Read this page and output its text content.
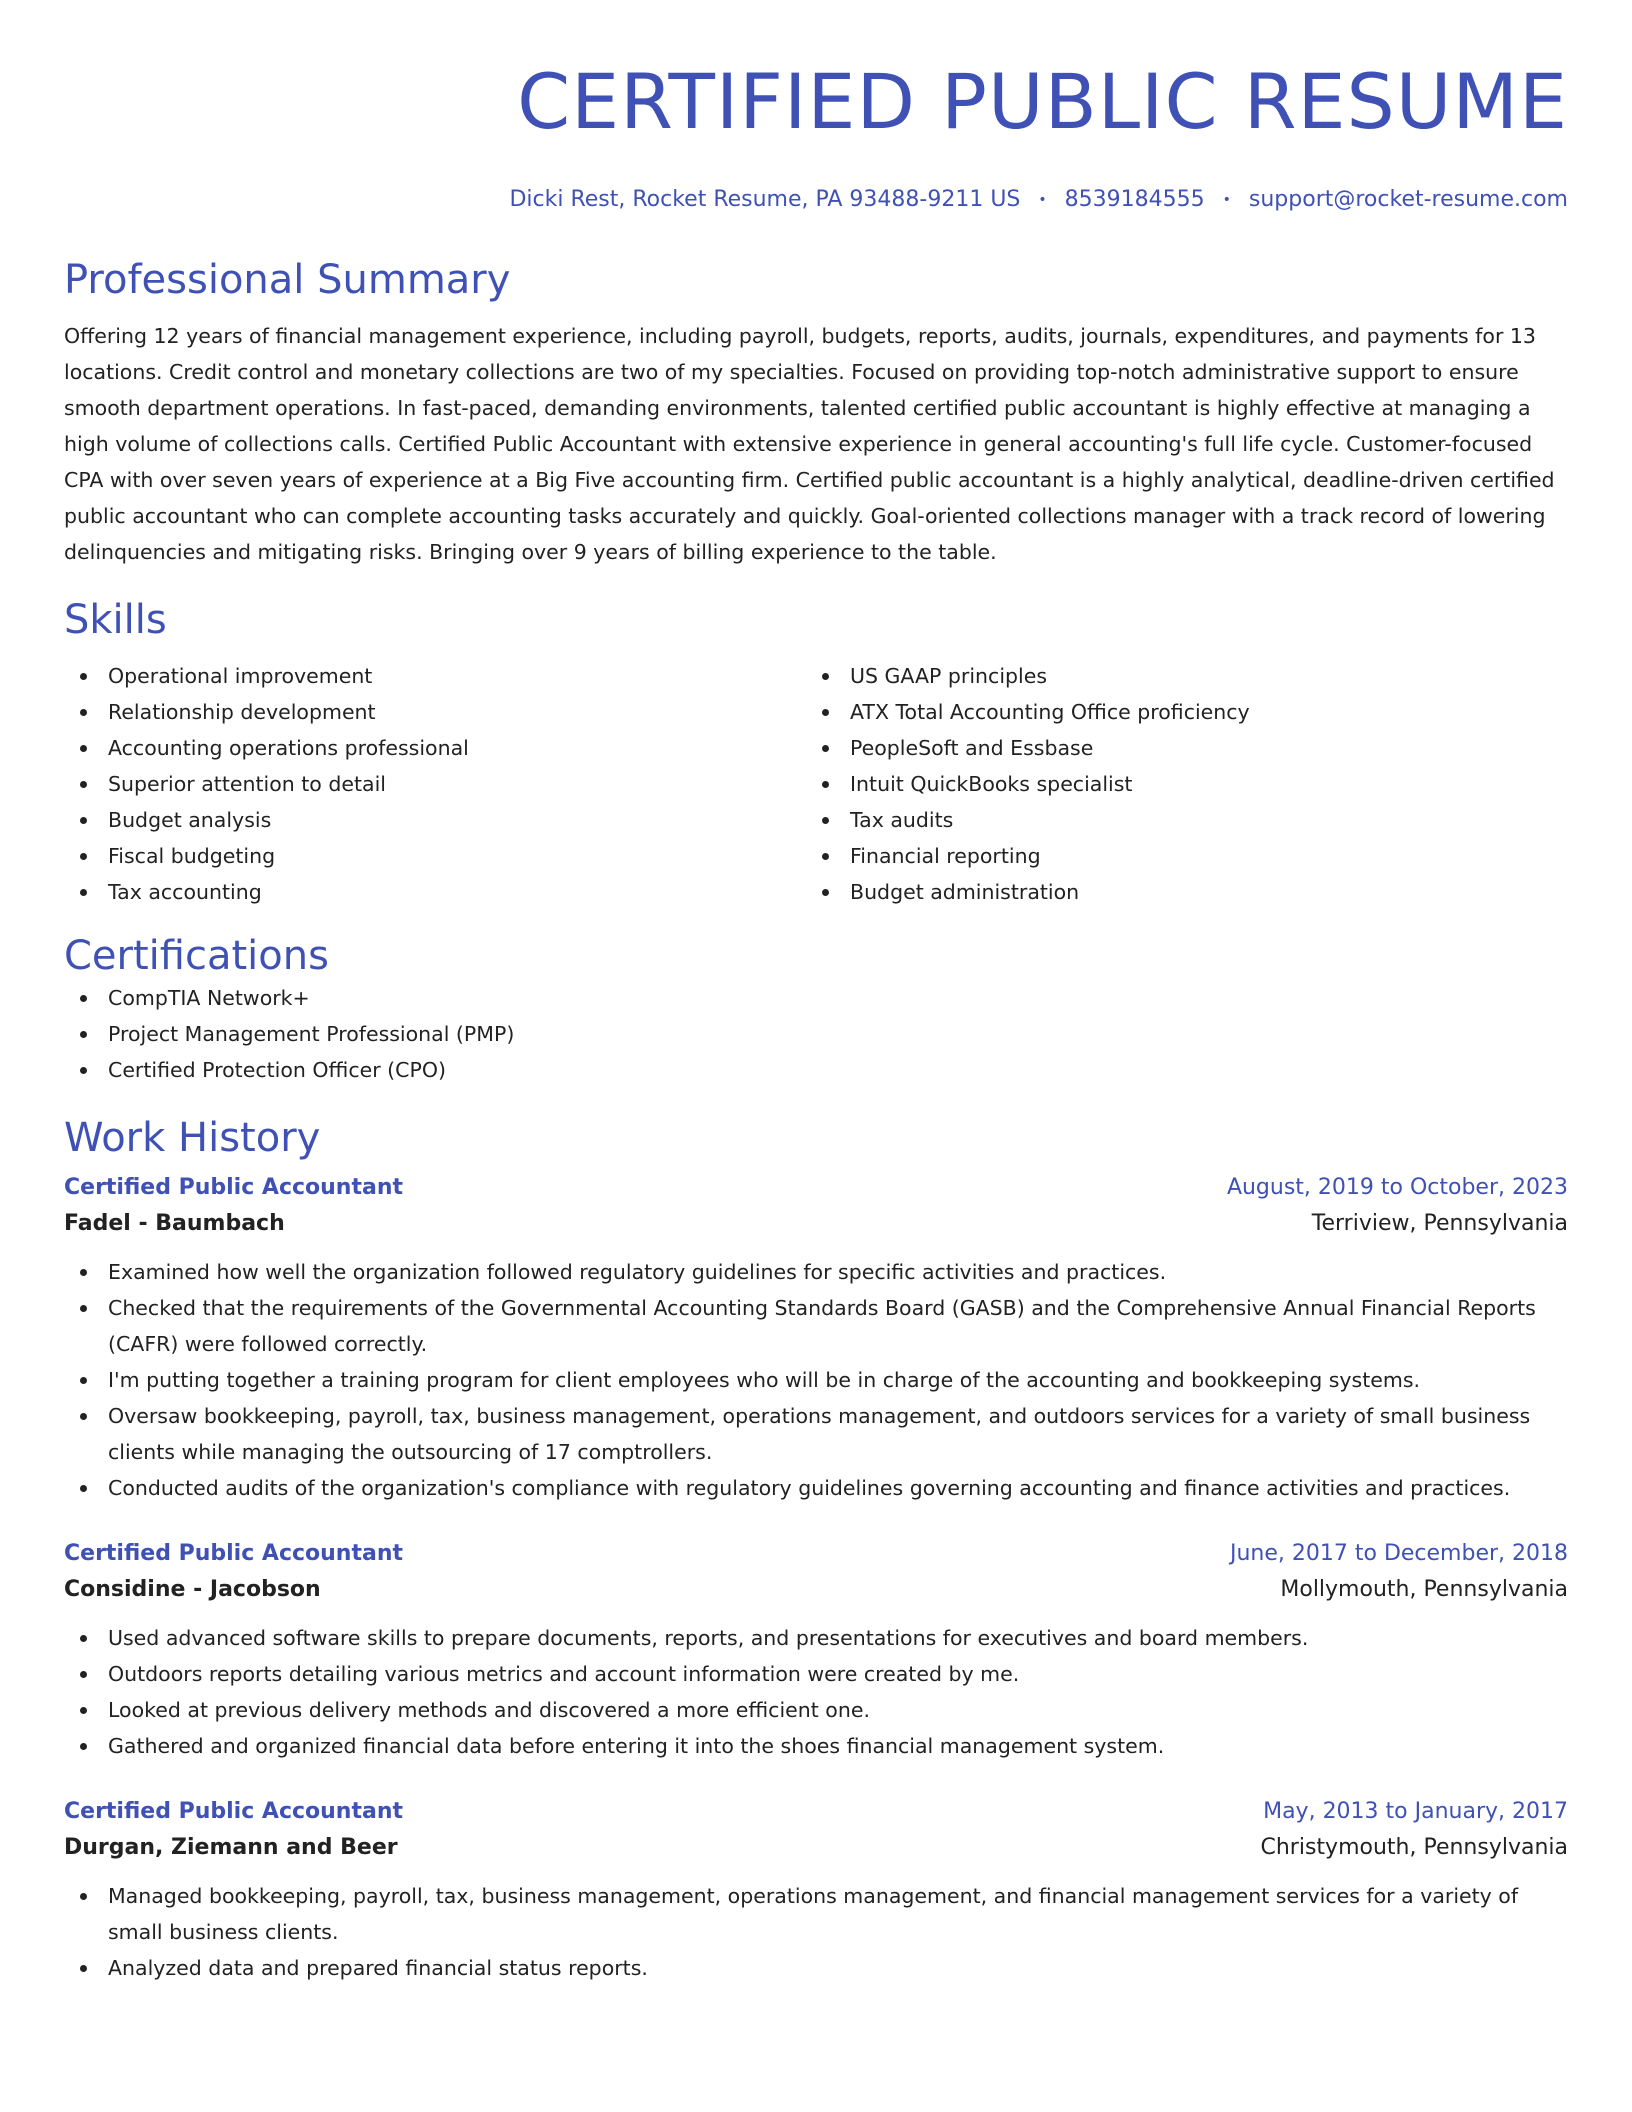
CERTIFIED PUBLIC RESUME
Dicki Rest, Rocket Resume, PA 93488-9211 US • 8539184555 • support@rocket-resume.com
Professional Summary
Offering 12 years of financial management experience, including payroll, budgets, reports, audits, journals, expenditures, and payments for 13 locations. Credit control and monetary collections are two of my specialties. Focused on providing top-notch administrative support to ensure smooth department operations. In fast-paced, demanding environments, talented certified public accountant is highly effective at managing a high volume of collections calls. Certified Public Accountant with extensive experience in general accounting's full life cycle. Customer-focused CPA with over seven years of experience at a Big Five accounting firm. Certified public accountant is a highly analytical, deadline-driven certified public accountant who can complete accounting tasks accurately and quickly. Goal-oriented collections manager with a track record of lowering delinquencies and mitigating risks. Bringing over 9 years of billing experience to the table.
Skills
Operational improvement
Relationship development
Accounting operations professional
Superior attention to detail
Budget analysis
Fiscal budgeting
Tax accounting
US GAAP principles
ATX Total Accounting Office proficiency
PeopleSoft and Essbase
Intuit QuickBooks specialist
Tax audits
Financial reporting
Budget administration
Certifications
CompTIA Network+
Project Management Professional (PMP)
Certified Protection Officer (CPO)
Work History
Certified Public Accountant	August, 2019 to October, 2023
Fadel - Baumbach	Terriview, Pennsylvania
Examined how well the organization followed regulatory guidelines for specific activities and practices.
Checked that the requirements of the Governmental Accounting Standards Board (GASB) and the Comprehensive Annual Financial Reports (CAFR) were followed correctly.
I'm putting together a training program for client employees who will be in charge of the accounting and bookkeeping systems.
Oversaw bookkeeping, payroll, tax, business management, operations management, and outdoors services for a variety of small business clients while managing the outsourcing of 17 comptrollers.
Conducted audits of the organization's compliance with regulatory guidelines governing accounting and finance activities and practices.
Certified Public Accountant	June, 2017 to December, 2018
Considine - Jacobson	Mollymouth, Pennsylvania
Used advanced software skills to prepare documents, reports, and presentations for executives and board members.
Outdoors reports detailing various metrics and account information were created by me.
Looked at previous delivery methods and discovered a more efficient one.
Gathered and organized financial data before entering it into the shoes financial management system.
Certified Public Accountant	May, 2013 to January, 2017
Durgan, Ziemann and Beer	Christymouth, Pennsylvania
Managed bookkeeping, payroll, tax, business management, operations management, and financial management services for a variety of small business clients.
Analyzed data and prepared financial status reports.
